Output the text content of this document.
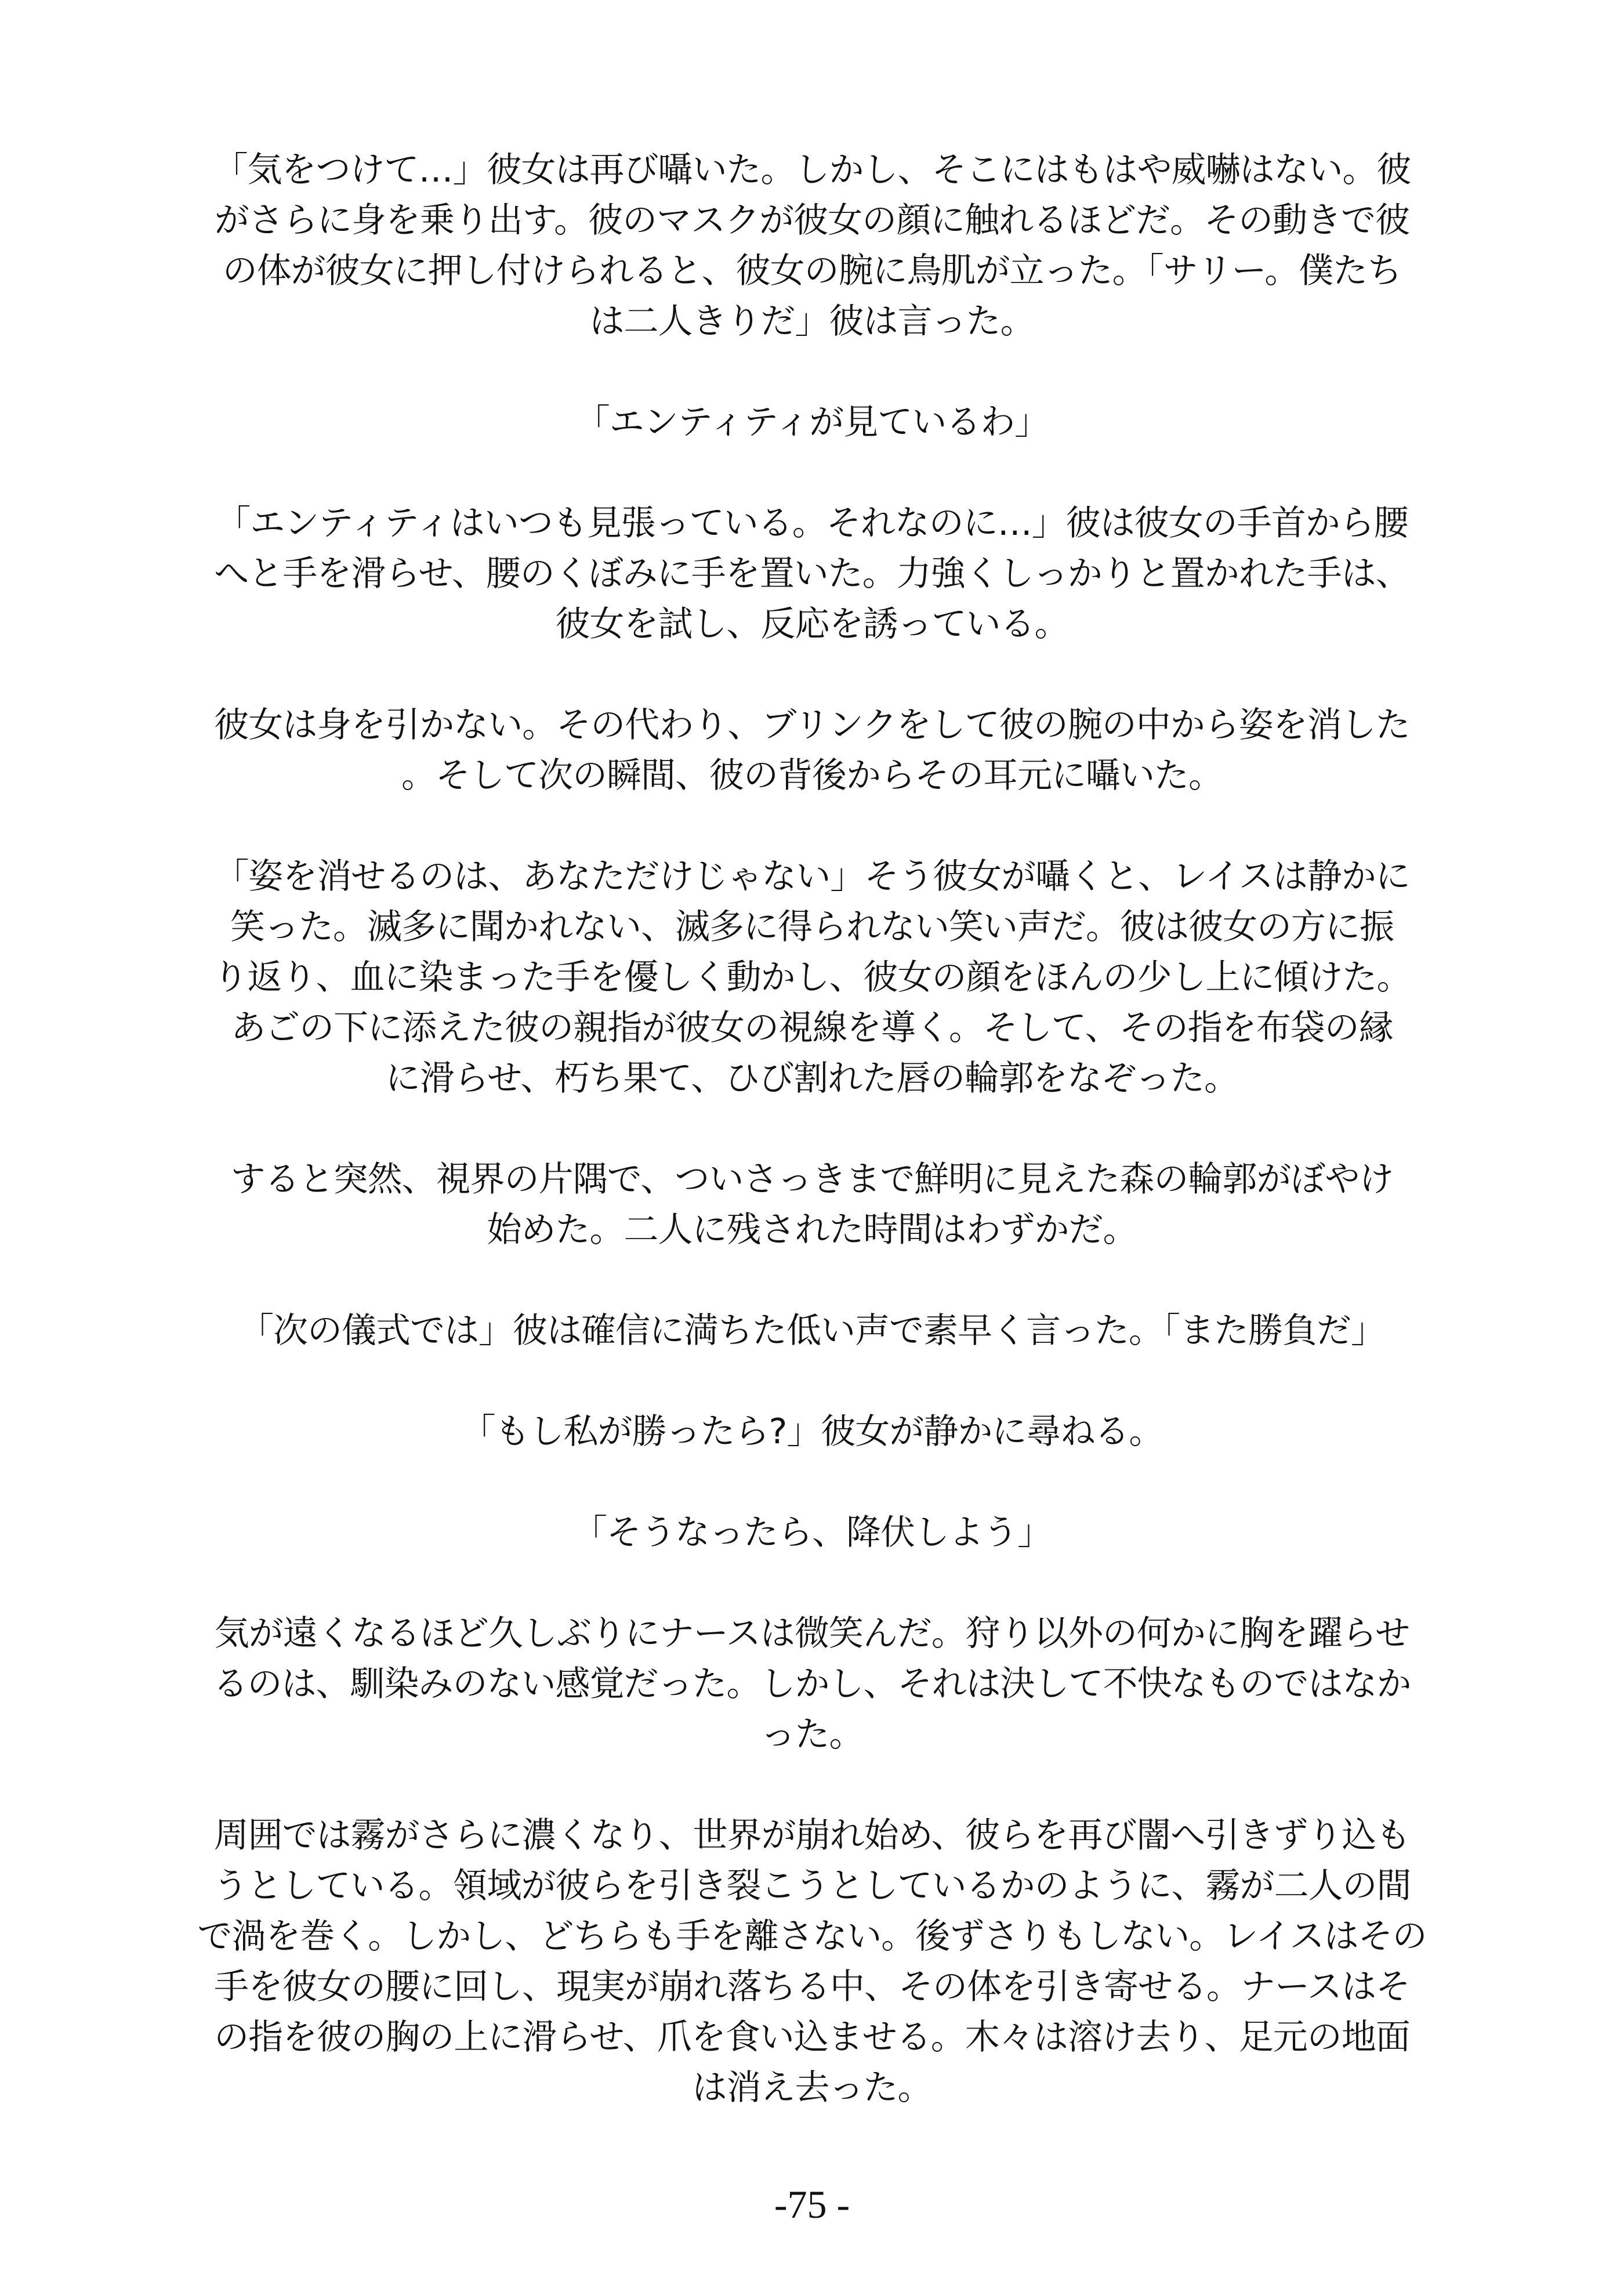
「気をつけて…」彼女は再び囁いた。しかし、そこにはもはや威嚇はない。彼
がさらに身を乗り出す。彼のマスクが彼女の顔に触れるほどだ。その動きで彼
の体が彼女に押し付けられると、彼女の腕に鳥肌が立った。「サリー。僕たち
は二人きりだ」彼は言った。

「エンティティが見ているわ」

「エンティティはいつも見張っている。それなのに…」彼は彼女の手首から腰
へと手を滑らせ、腰のくぼみに手を置いた。力強くしっかりと置かれた手は、
彼女を試し、反応を誘っている。

彼女は身を引かない。その代わり、ブリンクをして彼の腕の中から姿を消した
。そして次の瞬間、彼の背後からその耳元に囁いた。

「姿を消せるのは、あなただけじゃない」そう彼女が囁くと、レイスは静かに
笑った。滅多に聞かれない、滅多に得られない笑い声だ。彼は彼女の方に振
り返り、血に染まった手を優しく動かし、彼女の顔をほんの少し上に傾けた。
あごの下に添えた彼の親指が彼女の視線を導く。そして、その指を布袋の縁
に滑らせ、朽ち果て、ひび割れた唇の輪郭をなぞった。

すると突然、視界の片隅で、ついさっきまで鮮明に見えた森の輪郭がぼやけ
始めた。二人に残された時間はわずかだ。

「次の儀式では」彼は確信に満ちた低い声で素早く言った。「また勝負だ」

「もし私が勝ったら?」彼女が静かに尋ねる。

「そうなったら、降伏しよう」

気が遠くなるほど久しぶりにナースは微笑んだ。狩り以外の何かに胸を躍らせ
るのは、馴染みのない感覚だった。しかし、それは決して不快なものではなか
った。

周囲では霧がさらに濃くなり、世界が崩れ始め、彼らを再び闇へ引きずり込も
うとしている。領域が彼らを引き裂こうとしているかのように、霧が二人の間
で渦を巻く。しかし、どちらも手を離さない。後ずさりもしない。レイスはその
手を彼女の腰に回し、現実が崩れ落ちる中、その体を引き寄せる。ナースはそ
の指を彼の胸の上に滑らせ、爪を食い込ませる。木々は溶け去り、足元の地面
は消え去った。

-75 -
